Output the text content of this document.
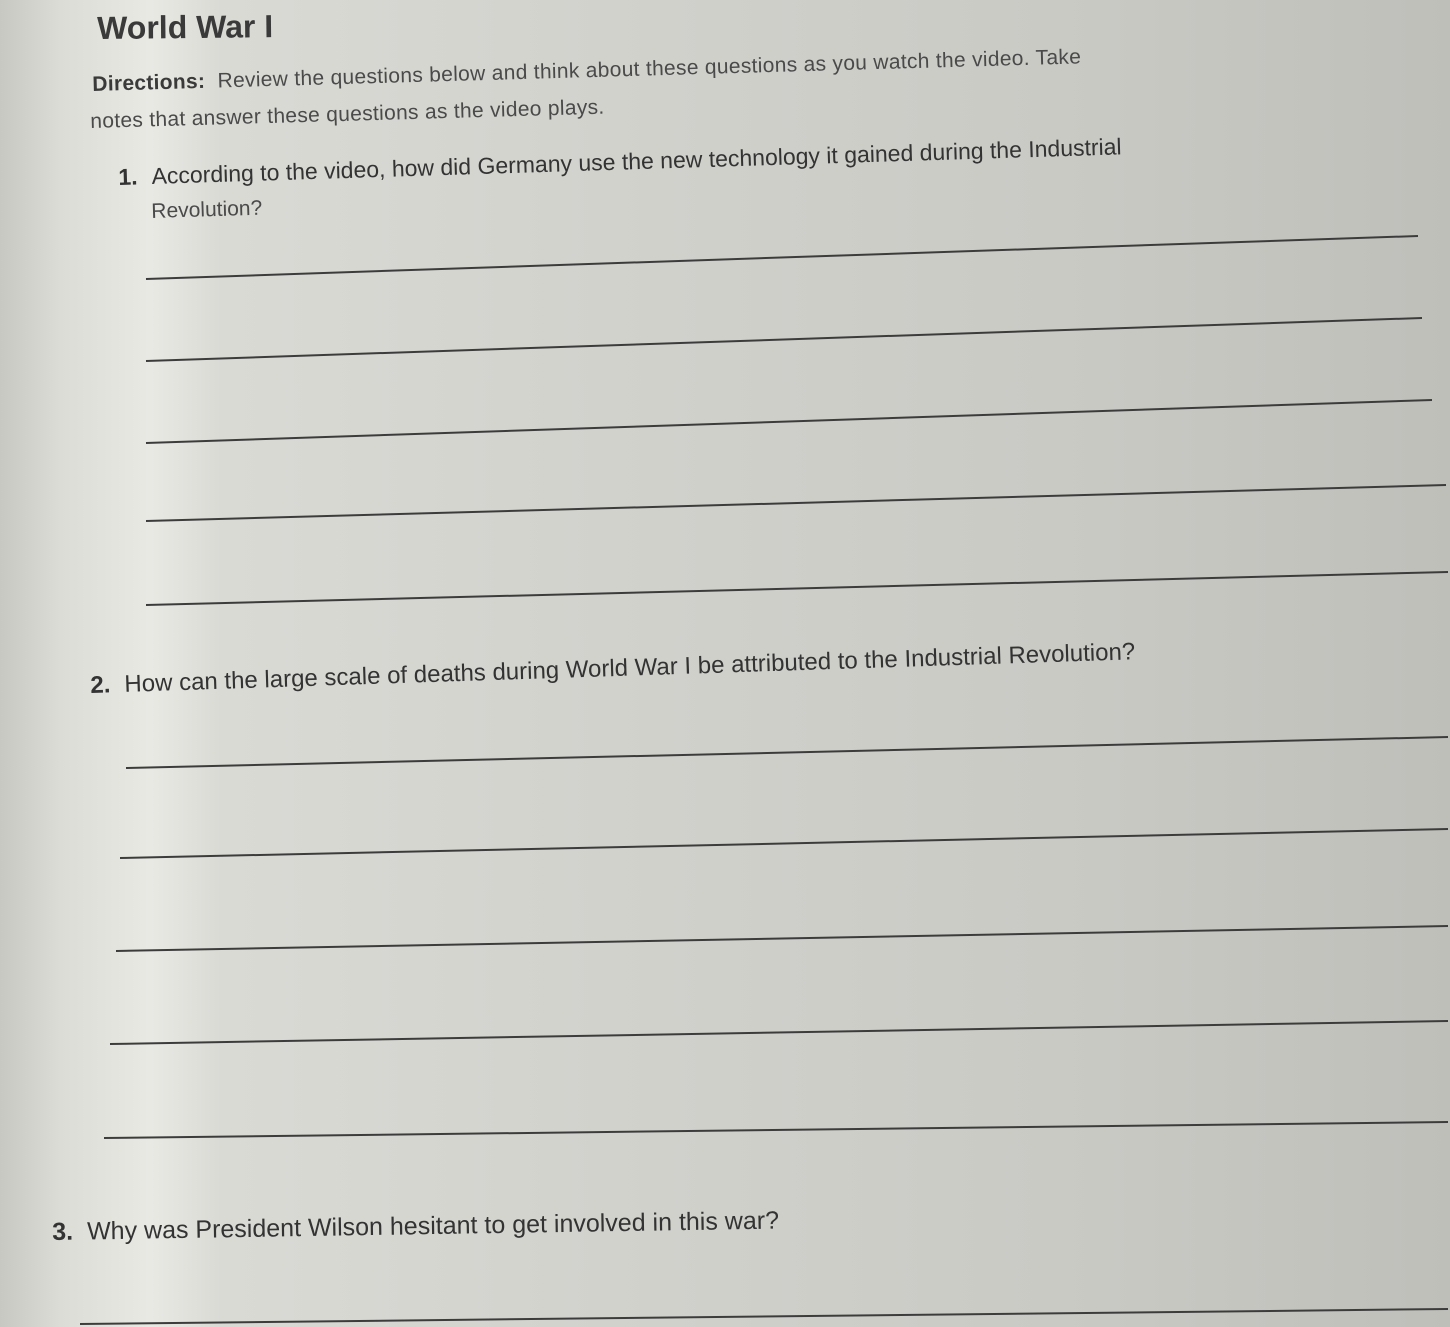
World War I
Directions: Review the questions below and think about these questions as you watch the video. Take
notes that answer these questions as the video plays.
1. According to the video, how did Germany use the new technology it gained during the Industrial
Revolution?
2. How can the large scale of deaths during World War I be attributed to the Industrial Revolution?
3. Why was President Wilson hesitant to get involved in this war?
